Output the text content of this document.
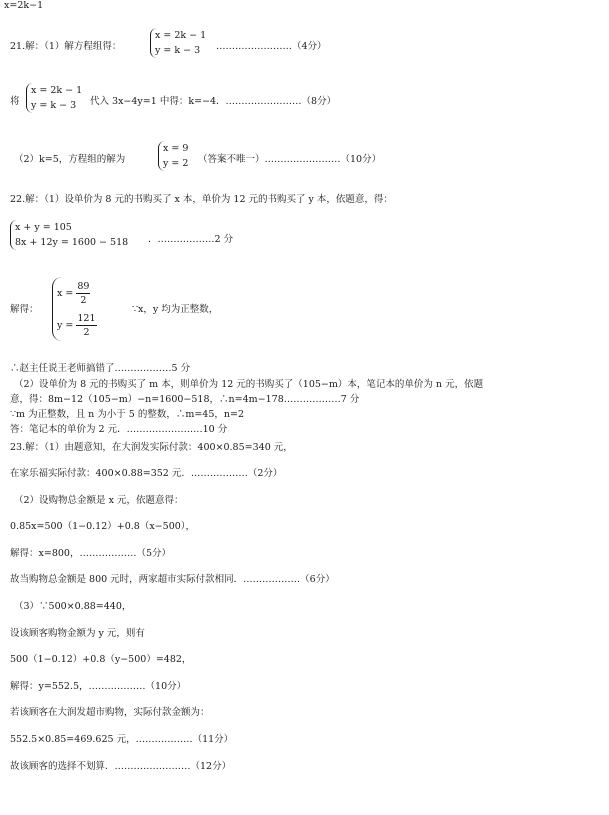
x=2k−1
21.解：（1）解方程组得：
x = 2k − 1
y = k − 3	……………………（4分）
将
x = 2k − 1
y = k − 3	代入 3x−4y=1 中得：k=−4．……………………（8分）
（2）k=5，方程组的解为
x = 9
y = 2 （答案不唯一）……………………（10分）
22.解：（1）设单价为 8 元的书购买了 x 本，单价为 12 元的书购买了 y 本，依题意，得：
x + y = 105
8x + 12y = 1600 − 518 ．………………2 分
解得：
x =
$\frac{89}{2}$
y =
$\frac{121}{2}$
∵x，y 均为正整数，
∴赵主任说王老师搞错了………………5 分
（2）设单价为 8 元的书购买了 m 本，则单价为 12 元的书购买了（105−m）本，笔记本的单价为 n 元，依题
意，得：8m−12（105−m）−n=1600−518，∴n=4m−178………………7 分
∵m 为正整数，且 n 为小于 5 的整数，∴m=45，n=2
答：笔记本的单价为 2 元．……………………10 分
23.解：（1）由题意知，在大润发实际付款：400×0.85=340 元，
在家乐福实际付款：400×0.88=352 元．………………（2分）
（2）设购物总金额是 x 元，依题意得：
0.85x=500（1−0.12）+0.8（x−500），
解得：x=800，………………（5分）
故当购物总金额是 800 元时，两家超市实际付款相同．………………（6分）
（3）∵500×0.88=440，
设该顾客购物金额为 y 元，则有
500（1−0.12）+0.8（y−500）=482，
解得：y=552.5，………………（10分）
若该顾客在大润发超市购物，实际付款金额为：
552.5×0.85=469.625 元，………………（11分）
故该顾客的选择不划算．……………………（12分）
